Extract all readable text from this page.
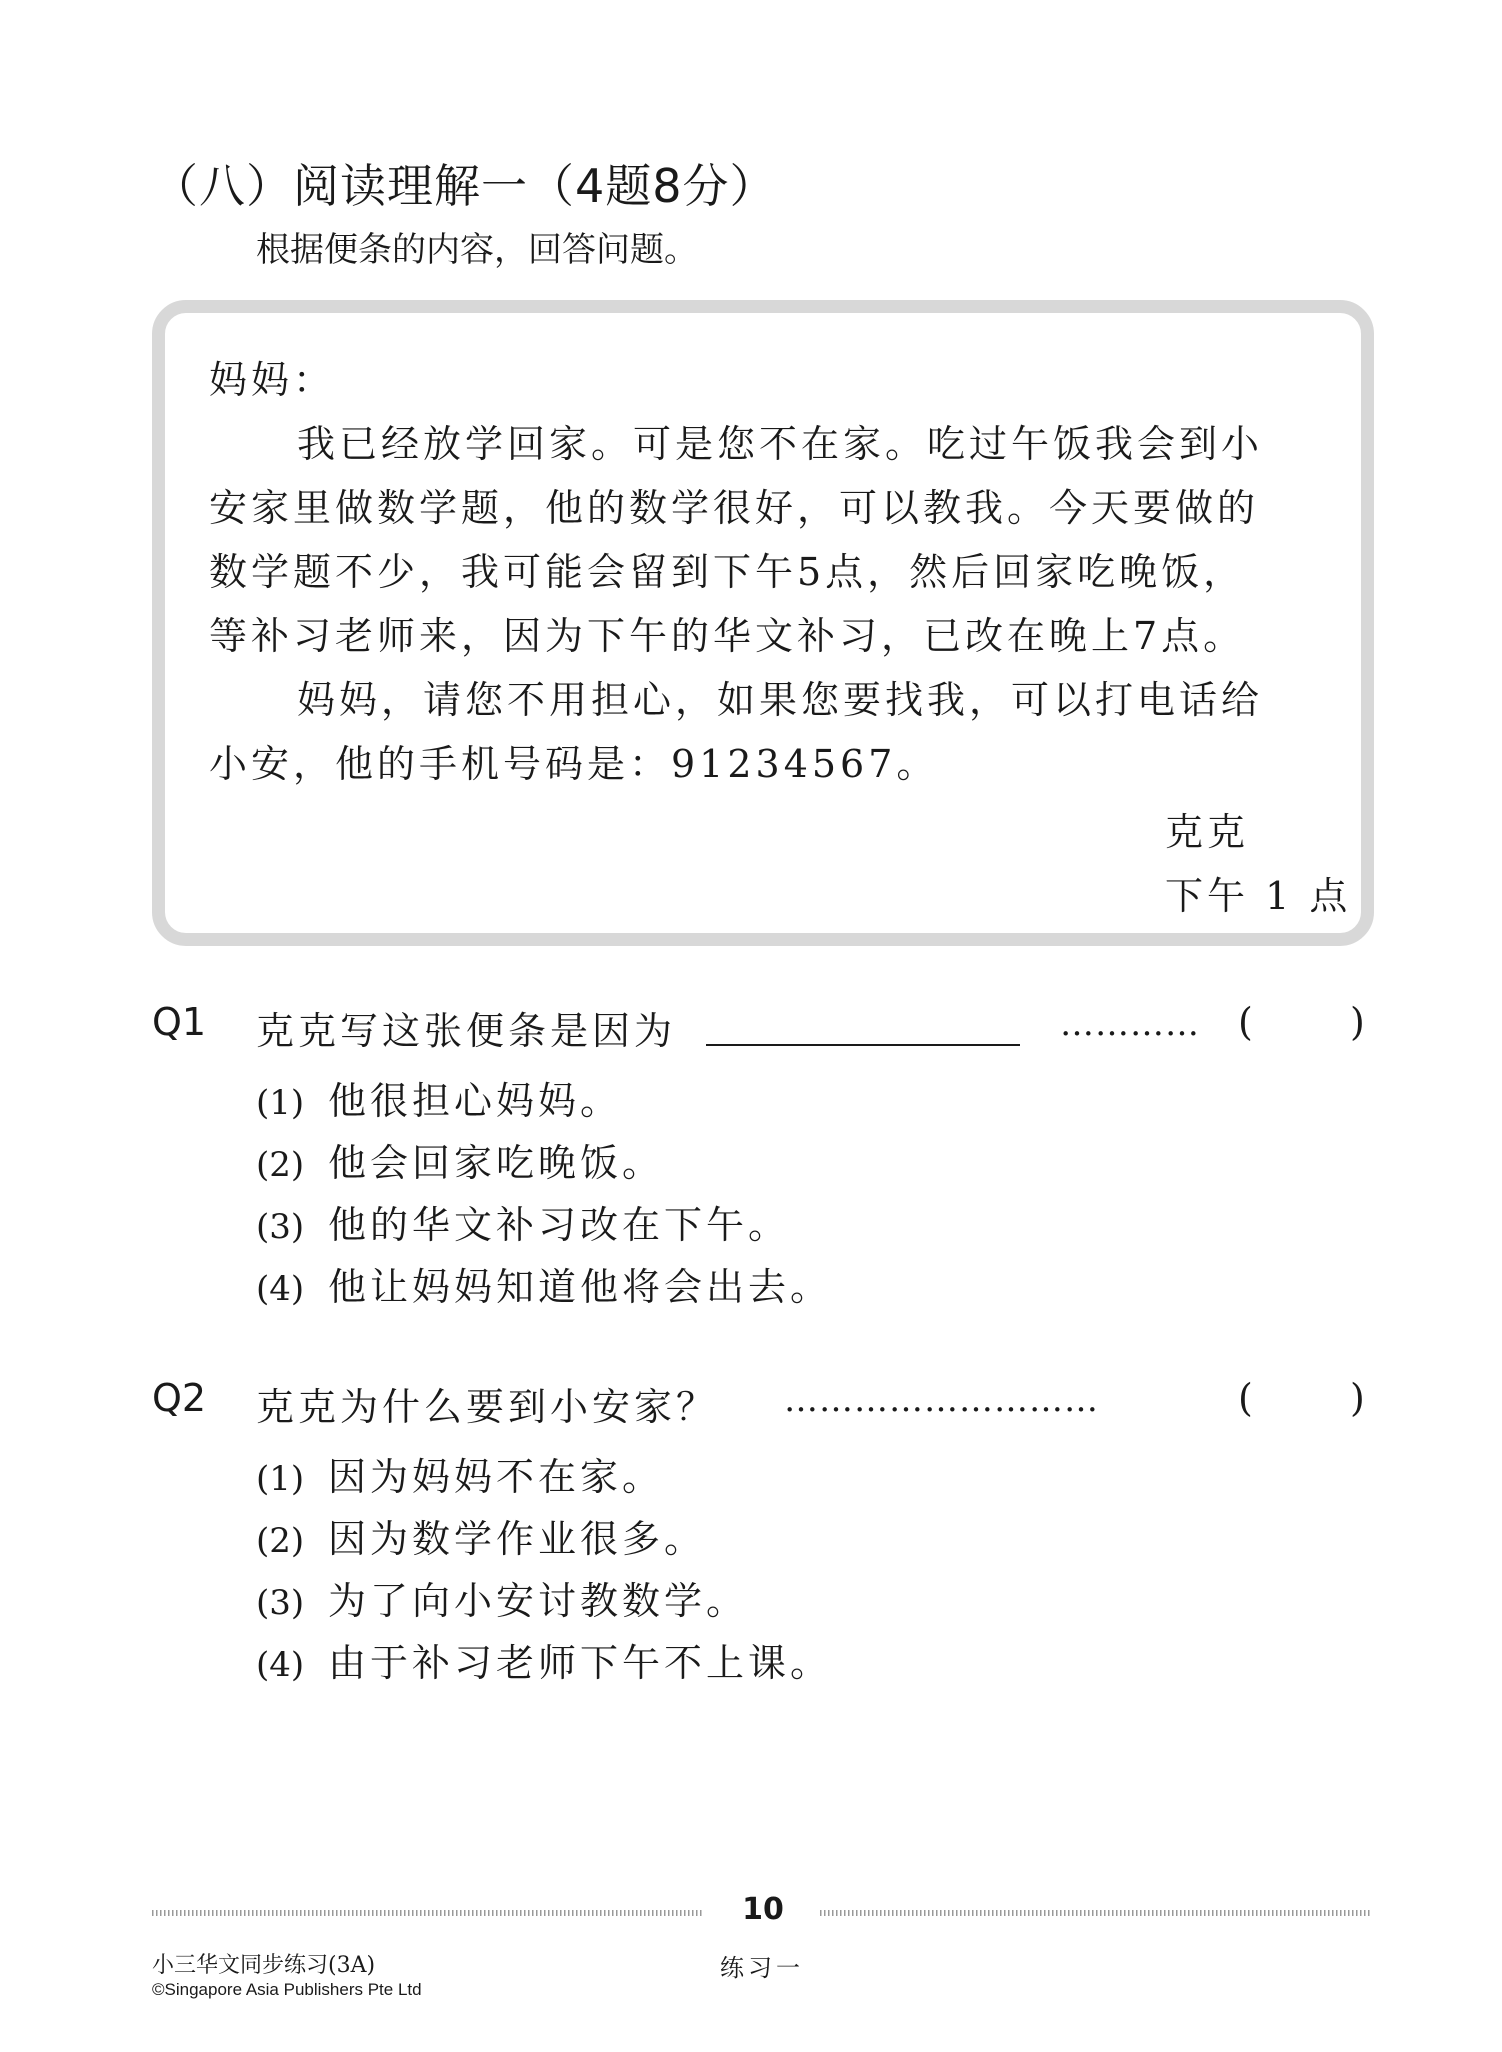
（八）阅读理解一（4题8分）
根据便条的内容，回答问题。
妈妈：
我已经放学回家。可是您不在家。吃过午饭我会到小
安家里做数学题，他的数学很好，可以教我。今天要做的
数学题不少，我可能会留到下午5点，然后回家吃晚饭，
等补习老师来，因为下午的华文补习，已改在晚上7点。
妈妈，请您不用担心，如果您要找我，可以打电话给
小安，他的手机号码是：91234567。
克克
下午 1 点
Q1 克克写这张便条是因为	………… (	)
(1) 他很担心妈妈。
(2) 他会回家吃晚饭。
(3) 他的华文补习改在下午。
(4) 他让妈妈知道他将会出去。
Q2 克克为什么要到小安家？ ………………………	(	)
(1) 因为妈妈不在家。
(2) 因为数学作业很多。
(3) 为了向小安讨教数学。
(4) 由于补习老师下午不上课。
10
小三华文同步练习(3A)
©Singapore Asia Publishers Pte Ltd
练习一
